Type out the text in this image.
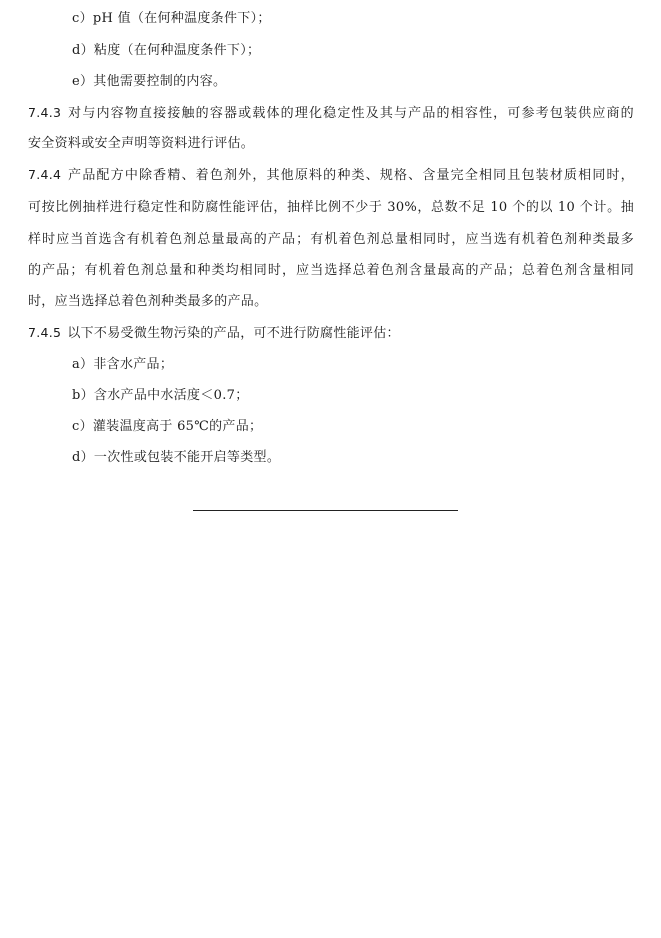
c）pH 值（在何种温度条件下）；
d）粘度（在何种温度条件下）；
e）其他需要控制的内容。
7.4.3 对与内容物直接接触的容器或载体的理化稳定性及其与产品的相容性，可参考包装供应商的
安全资料或安全声明等资料进行评估。
7.4.4 产品配方中除香精、着色剂外，其他原料的种类、规格、含量完全相同且包装材质相同时，
可按比例抽样进行稳定性和防腐性能评估，抽样比例不少于 30%，总数不足 10 个的以 10 个计。抽
样时应当首选含有机着色剂总量最高的产品；有机着色剂总量相同时，应当选有机着色剂种类最多
的产品；有机着色剂总量和种类均相同时，应当选择总着色剂含量最高的产品；总着色剂含量相同
时，应当选择总着色剂种类最多的产品。
7.4.5 以下不易受微生物污染的产品，可不进行防腐性能评估：
a）非含水产品；
b）含水产品中水活度＜0.7；
c）灌装温度高于 65℃的产品；
d）一次性或包装不能开启等类型。
